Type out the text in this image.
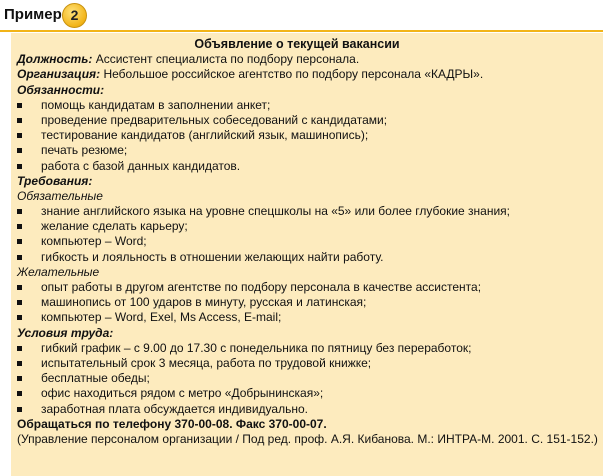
Пример 2
Объявление о текущей вакансии
Должность: Ассистент специалиста по подбору персонала.
Организация: Небольшое российское агентство по подбору персонала «КАДРЫ».
Обязанности:
помощь кандидатам в заполнении анкет;
проведение предварительных собеседований с кандидатами;
тестирование кандидатов (английский язык, машинопись);
печать резюме;
работа с базой данных кандидатов.
Требования:
Обязательные
знание английского языка на уровне спецшколы на «5» или более глубокие знания;
желание сделать карьеру;
компьютер – Word;
гибкость и лояльность в отношении желающих найти работу.
Желательные
опыт работы в другом агентстве по подбору персонала в качестве ассистента;
машинопись от 100 ударов в минуту, русская и латинская;
компьютер – Word, Exel, Ms Access, E-mail;
Условия труда:
гибкий график – с 9.00 до 17.30 с понедельника по пятницу без переработок;
испытательный срок 3 месяца, работа по трудовой книжке;
бесплатные обеды;
офис находиться рядом с метро «Добрынинская»;
заработная плата обсуждается индивидуально.
Обращаться по телефону 370-00-08. Факс 370-00-07.
(Управление персоналом организации / Под ред. проф. А.Я. Кибанова. М.: ИНТРА-М. 2001. С. 151-152.)
